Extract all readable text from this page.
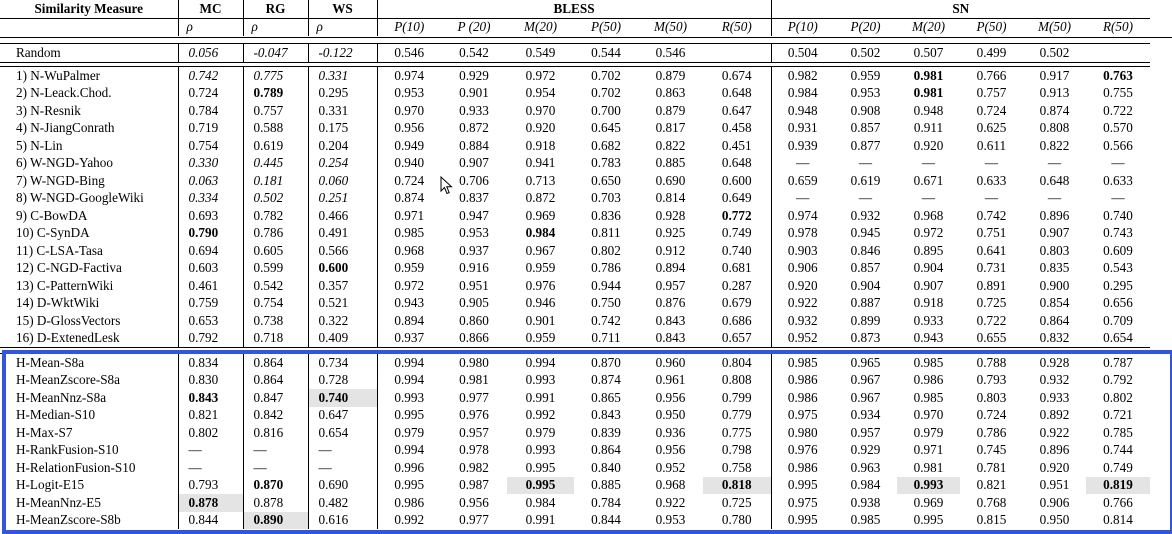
Similarity Measure	MC	RG	WS	BLESS						SN					
	ρ	ρ	ρ	P(10)	P (20)	M(20)	P(50)	M(50)	R(50)	P(10)	P(20)	M(20)	P(50)	M(50)	R(50)
Random	0.056	-0.047	-0.122	0.546	0.542	0.549	0.544	0.546		0.504	0.502	0.507	0.499	0.502	
1) N-WuPalmer	0.742	0.775	0.331	0.974	0.929	0.972	0.702	0.879	0.674	0.982	0.959	0.981	0.766	0.917	0.763
2) N-Leack.Chod.	0.724	0.789	0.295	0.953	0.901	0.954	0.702	0.863	0.648	0.984	0.953	0.981	0.757	0.913	0.755
3) N-Resnik	0.784	0.757	0.331	0.970	0.933	0.970	0.700	0.879	0.647	0.948	0.908	0.948	0.724	0.874	0.722
4) N-JiangConrath	0.719	0.588	0.175	0.956	0.872	0.920	0.645	0.817	0.458	0.931	0.857	0.911	0.625	0.808	0.570
5) N-Lin	0.754	0.619	0.204	0.949	0.884	0.918	0.682	0.822	0.451	0.939	0.877	0.920	0.611	0.822	0.566
6) W-NGD-Yahoo	0.330	0.445	0.254	0.940	0.907	0.941	0.783	0.885	0.648	—	—	—	—	—	—
7) W-NGD-Bing	0.063	0.181	0.060	0.724	0.706	0.713	0.650	0.690	0.600	0.659	0.619	0.671	0.633	0.648	0.633
8) W-NGD-GoogleWiki	0.334	0.502	0.251	0.874	0.837	0.872	0.703	0.814	0.649	—	—	—	—	—	—
9) C-BowDA	0.693	0.782	0.466	0.971	0.947	0.969	0.836	0.928	0.772	0.974	0.932	0.968	0.742	0.896	0.740
10) C-SynDA	0.790	0.786	0.491	0.985	0.953	0.984	0.811	0.925	0.749	0.978	0.945	0.972	0.751	0.907	0.743
11) C-LSA-Tasa	0.694	0.605	0.566	0.968	0.937	0.967	0.802	0.912	0.740	0.903	0.846	0.895	0.641	0.803	0.609
12) C-NGD-Factiva	0.603	0.599	0.600	0.959	0.916	0.959	0.786	0.894	0.681	0.906	0.857	0.904	0.731	0.835	0.543
13) C-PatternWiki	0.461	0.542	0.357	0.972	0.951	0.976	0.944	0.957	0.287	0.920	0.904	0.907	0.891	0.900	0.295
14) D-WktWiki	0.759	0.754	0.521	0.943	0.905	0.946	0.750	0.876	0.679	0.922	0.887	0.918	0.725	0.854	0.656
15) D-GlossVectors	0.653	0.738	0.322	0.894	0.860	0.901	0.742	0.843	0.686	0.932	0.899	0.933	0.722	0.864	0.709
16) D-ExtenedLesk	0.792	0.718	0.409	0.937	0.866	0.959	0.711	0.843	0.657	0.952	0.873	0.943	0.655	0.832	0.654
H-Mean-S8a	0.834	0.864	0.734	0.994	0.980	0.994	0.870	0.960	0.804	0.985	0.965	0.985	0.788	0.928	0.787
H-MeanZscore-S8a	0.830	0.864	0.728	0.994	0.981	0.993	0.874	0.961	0.808	0.986	0.967	0.986	0.793	0.932	0.792
H-MeanNnz-S8a	0.843	0.847	0.740	0.993	0.977	0.991	0.865	0.956	0.799	0.986	0.967	0.985	0.803	0.933	0.802
H-Median-S10	0.821	0.842	0.647	0.995	0.976	0.992	0.843	0.950	0.779	0.975	0.934	0.970	0.724	0.892	0.721
H-Max-S7	0.802	0.816	0.654	0.979	0.957	0.979	0.839	0.936	0.775	0.980	0.957	0.979	0.786	0.922	0.785
H-RankFusion-S10	—	—	—	0.994	0.978	0.993	0.864	0.956	0.798	0.976	0.929	0.971	0.745	0.896	0.744
H-RelationFusion-S10	—	—	—	0.996	0.982	0.995	0.840	0.952	0.758	0.986	0.963	0.981	0.781	0.920	0.749
H-Logit-E15	0.793	0.870	0.690	0.995	0.987	0.995	0.885	0.968	0.818	0.995	0.984	0.993	0.821	0.951	0.819
H-MeanNnz-E5	0.878	0.878	0.482	0.986	0.956	0.984	0.784	0.922	0.725	0.975	0.938	0.969	0.768	0.906	0.766
H-MeanZscore-S8b	0.844	0.890	0.616	0.992	0.977	0.991	0.844	0.953	0.780	0.995	0.985	0.995	0.815	0.950	0.814
